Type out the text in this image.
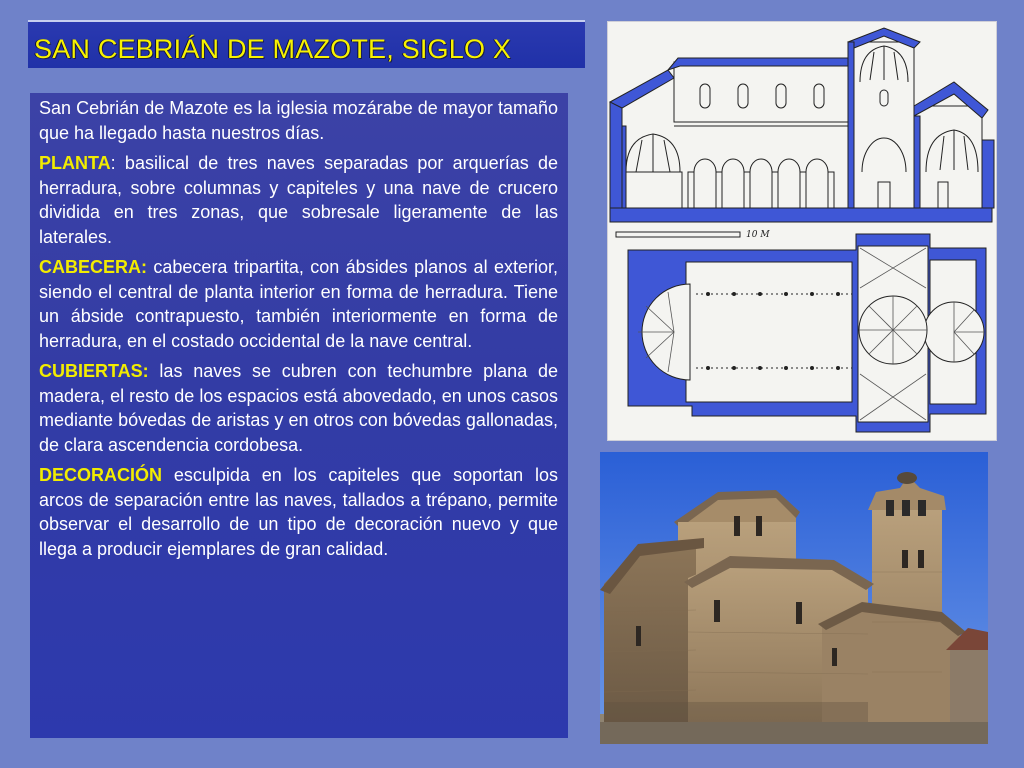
SAN CEBRIÁN DE MAZOTE, SIGLO X

San Cebrián de Mazote es la iglesia mozárabe de mayor tamaño que ha llegado hasta nuestros días.

PLANTA: basilical de tres naves separadas por arquerías de herradura, sobre columnas y capiteles y una nave de crucero dividida en tres zonas, que sobresale ligeramente de las laterales.

CABECERA: cabecera tripartita, con ábsides planos al exterior, siendo el central de planta interior en forma de herradura. Tiene un ábside contrapuesto, también interiormente en forma de herradura, en el costado occidental de la nave central.

CUBIERTAS: las naves se cubren con techumbre plana de madera, el resto de los espacios está abovedado, en unos casos mediante bóvedas de aristas y en otros con bóvedas gallonadas, de clara ascendencia cordobesa.

DECORACIÓN esculpida en los capiteles que soportan los arcos de separación entre las naves, tallados a trépano, permite observar el desarrollo de un tipo de decoración nuevo y que llega a producir ejemplares de gran calidad.

10 M
